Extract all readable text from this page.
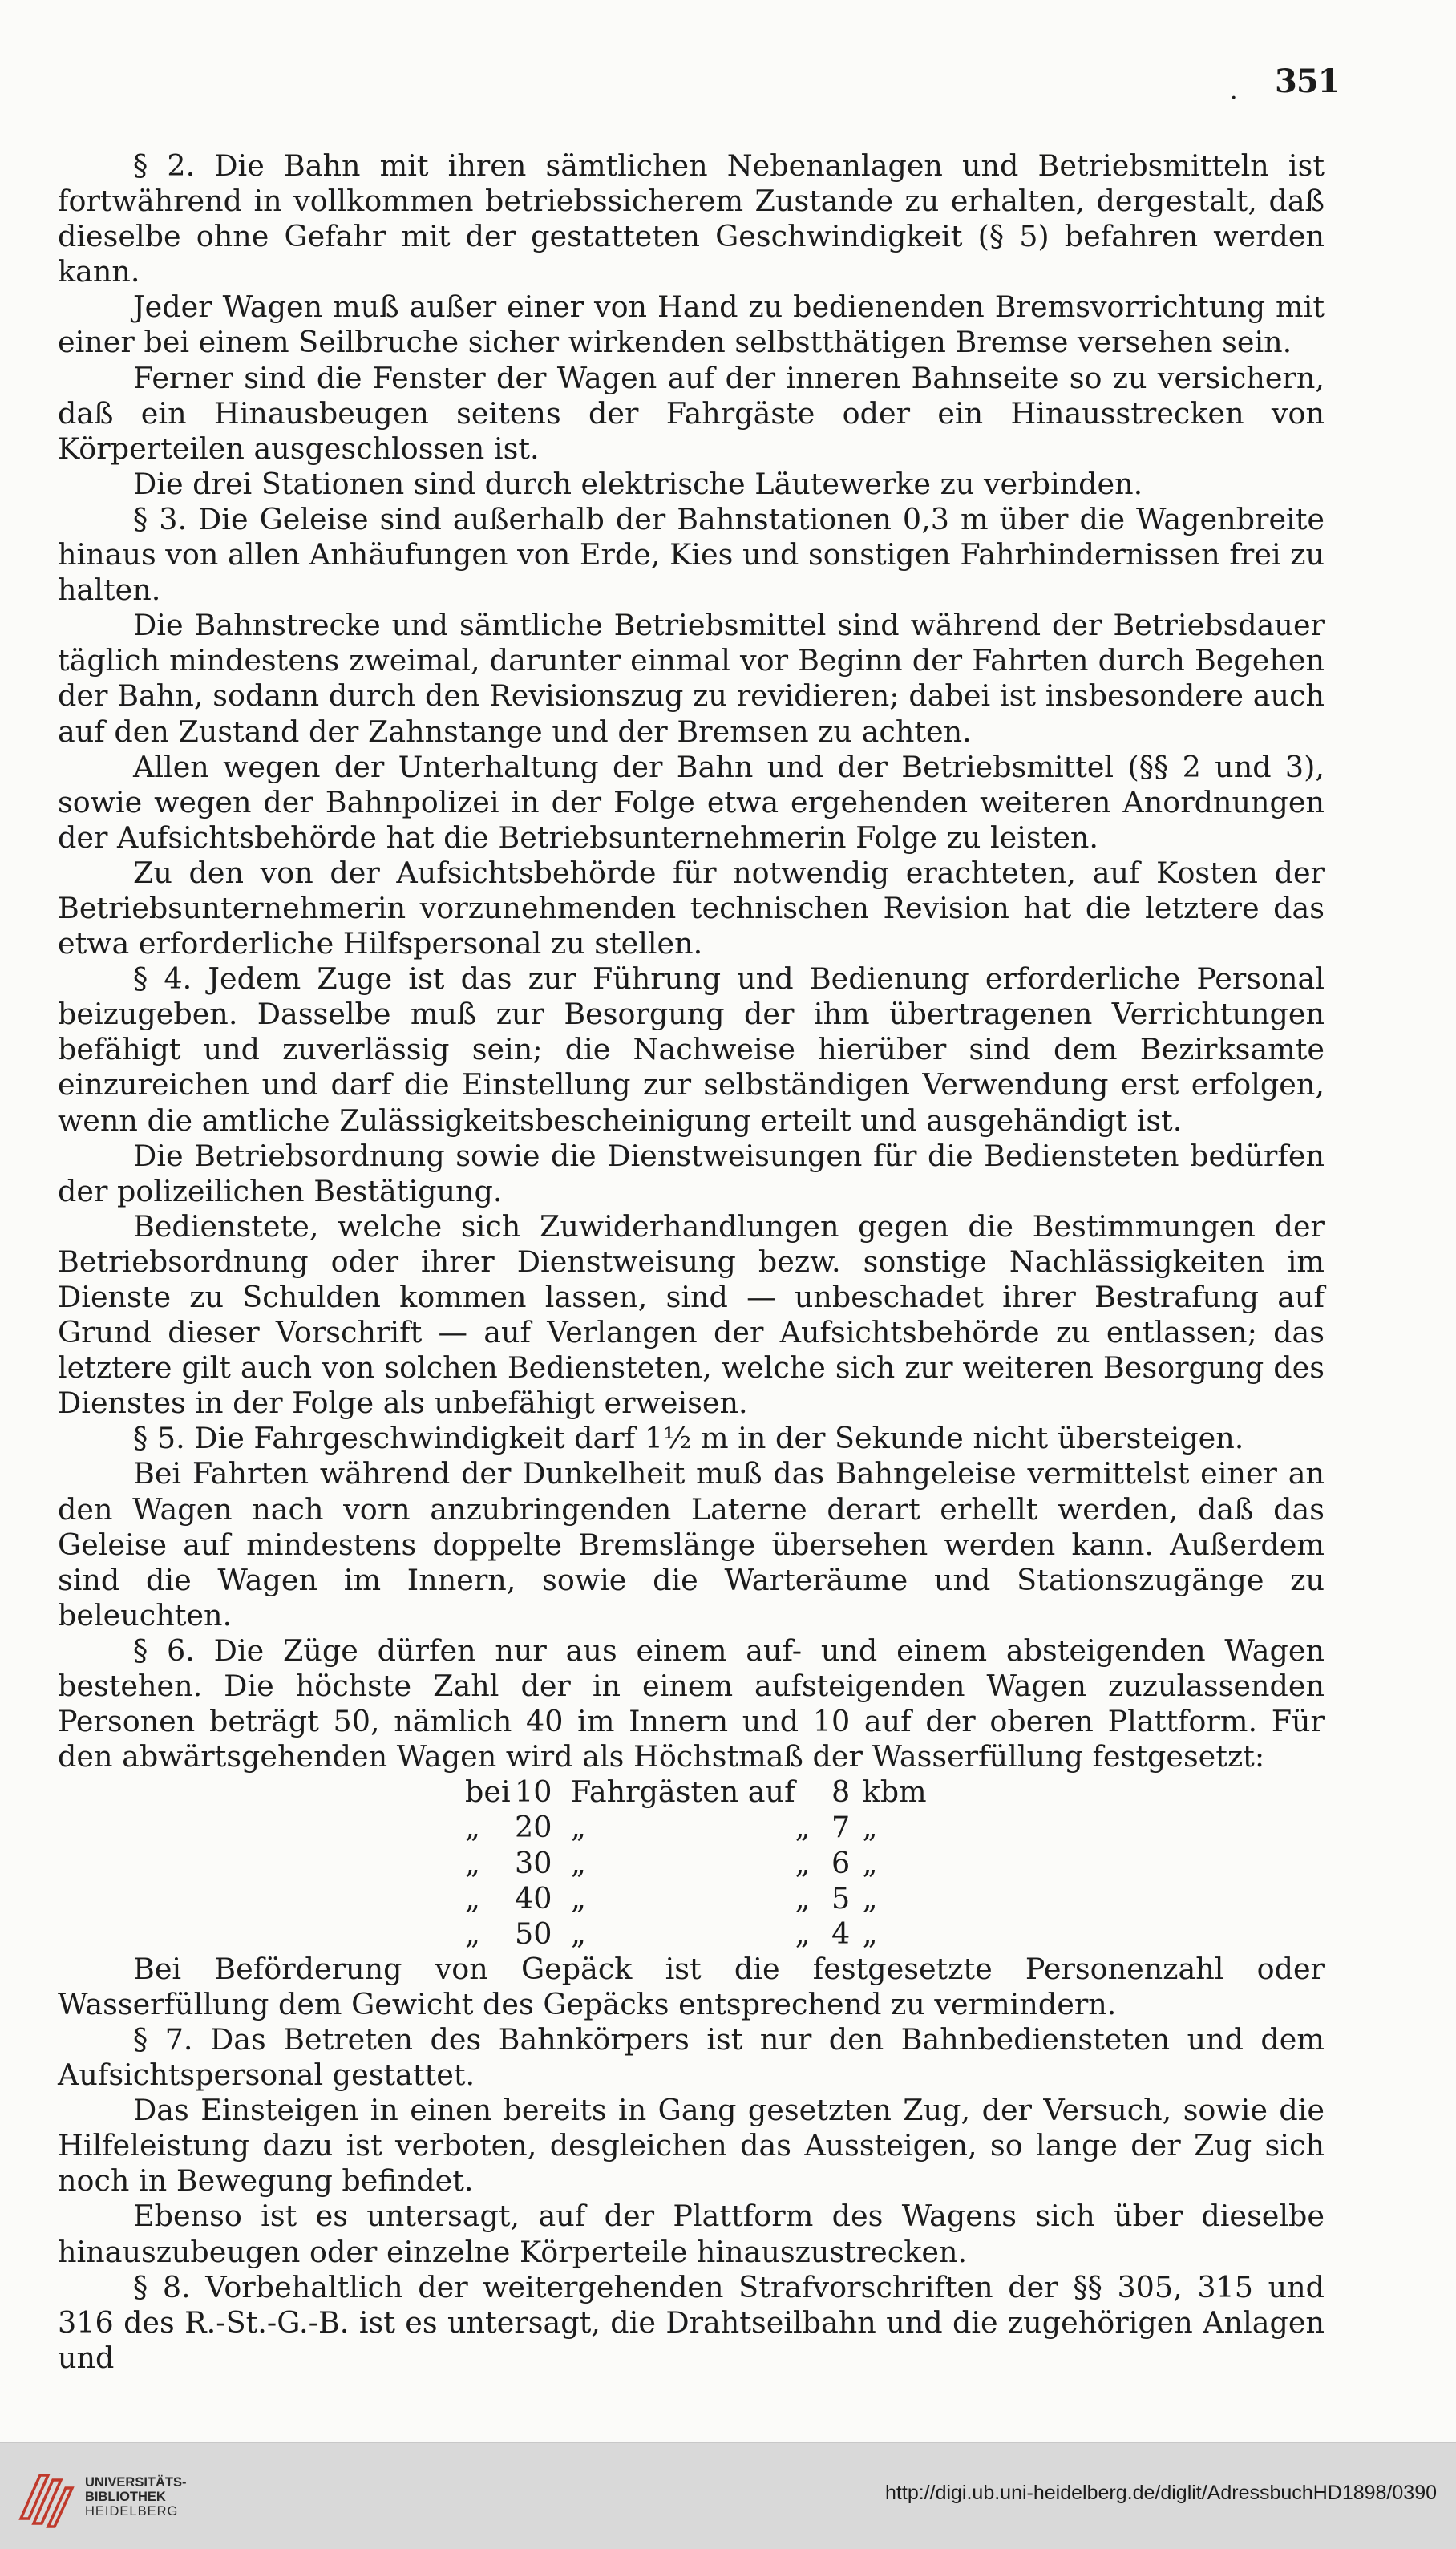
. 351

§ 2. Die Bahn mit ihren sämtlichen Nebenanlagen und Betriebsmitteln ist fortwährend in vollkommen betriebssicherem Zustande zu erhalten, dergestalt, daß dieselbe ohne Gefahr mit der gestatteten Geschwindigkeit (§ 5) befahren werden kann.

Jeder Wagen muß außer einer von Hand zu bedienenden Bremsvorrichtung mit einer bei einem Seilbruche sicher wirkenden selbstthätigen Bremse versehen sein.

Ferner sind die Fenster der Wagen auf der inneren Bahnseite so zu versichern, daß ein Hinausbeugen seitens der Fahrgäste oder ein Hinausstrecken von Körperteilen ausgeschlossen ist.

Die drei Stationen sind durch elektrische Läutewerke zu verbinden.

§ 3. Die Geleise sind außerhalb der Bahnstationen 0,3 m über die Wagenbreite hinaus von allen Anhäufungen von Erde, Kies und sonstigen Fahrhindernissen frei zu halten.

Die Bahnstrecke und sämtliche Betriebsmittel sind während der Betriebsdauer täglich mindestens zweimal, darunter einmal vor Beginn der Fahrten durch Begehen der Bahn, sodann durch den Revisionszug zu revidieren; dabei ist insbesondere auch auf den Zustand der Zahnstange und der Bremsen zu achten.

Allen wegen der Unterhaltung der Bahn und der Betriebsmittel (§§ 2 und 3), sowie wegen der Bahnpolizei in der Folge etwa ergehenden weiteren Anordnungen der Aufsichtsbehörde hat die Betriebsunternehmerin Folge zu leisten.

Zu den von der Aufsichtsbehörde für notwendig erachteten, auf Kosten der Betriebsunternehmerin vorzunehmenden technischen Revision hat die letztere das etwa erforderliche Hilfspersonal zu stellen.

§ 4. Jedem Zuge ist das zur Führung und Bedienung erforderliche Personal beizugeben. Dasselbe muß zur Besorgung der ihm übertragenen Verrichtungen befähigt und zuverlässig sein; die Nachweise hierüber sind dem Bezirksamte einzureichen und darf die Einstellung zur selbständigen Verwendung erst erfolgen, wenn die amtliche Zulässigkeitsbescheinigung erteilt und ausgehändigt ist.

Die Betriebsordnung sowie die Dienstweisungen für die Bediensteten bedürfen der polizeilichen Bestätigung.

Bedienstete, welche sich Zuwiderhandlungen gegen die Bestimmungen der Betriebsordnung oder ihrer Dienstweisung bezw. sonstige Nachlässigkeiten im Dienste zu Schulden kommen lassen, sind — unbeschadet ihrer Bestrafung auf Grund dieser Vorschrift — auf Verlangen der Aufsichtsbehörde zu entlassen; das letztere gilt auch von solchen Bediensteten, welche sich zur weiteren Besorgung des Dienstes in der Folge als unbefähigt erweisen.

§ 5. Die Fahrgeschwindigkeit darf 1½ m in der Sekunde nicht übersteigen.

Bei Fahrten während der Dunkelheit muß das Bahngeleise vermittelst einer an den Wagen nach vorn anzubringenden Laterne derart erhellt werden, daß das Geleise auf mindestens doppelte Bremslänge übersehen werden kann. Außerdem sind die Wagen im Innern, sowie die Warteräume und Stationszugänge zu beleuchten.

§ 6. Die Züge dürfen nur aus einem auf- und einem absteigenden Wagen bestehen. Die höchste Zahl der in einem aufsteigenden Wagen zuzulassenden Personen beträgt 50, nämlich 40 im Innern und 10 auf der oberen Plattform. Für den abwärtsgehenden Wagen wird als Höchstmaß der Wasserfüllung festgesetzt:

bei	10	Fahrgästen auf		8	kbm
„	20	„	„	7	„
„	30	„	„	6	„
„	40	„	„	5	„
„	50	„	„	4	„

Bei Beförderung von Gepäck ist die festgesetzte Personenzahl oder Wasserfüllung dem Gewicht des Gepäcks entsprechend zu vermindern.

§ 7. Das Betreten des Bahnkörpers ist nur den Bahnbediensteten und dem Aufsichtspersonal gestattet.

Das Einsteigen in einen bereits in Gang gesetzten Zug, der Versuch, sowie die Hilfeleistung dazu ist verboten, desgleichen das Aussteigen, so lange der Zug sich noch in Bewegung befindet.

Ebenso ist es untersagt, auf der Plattform des Wagens sich über dieselbe hinauszubeugen oder einzelne Körperteile hinauszustrecken.

§ 8. Vorbehaltlich der weitergehenden Strafvorschriften der §§ 305, 315 und 316 des R.-St.-G.-B. ist es untersagt, die Drahtseilbahn und die zugehörigen Anlagen und

UNIVERSITÄTS-
BIBLIOTHEK
HEIDELBERG
http://digi.ub.uni-heidelberg.de/diglit/AdressbuchHD1898/0390
